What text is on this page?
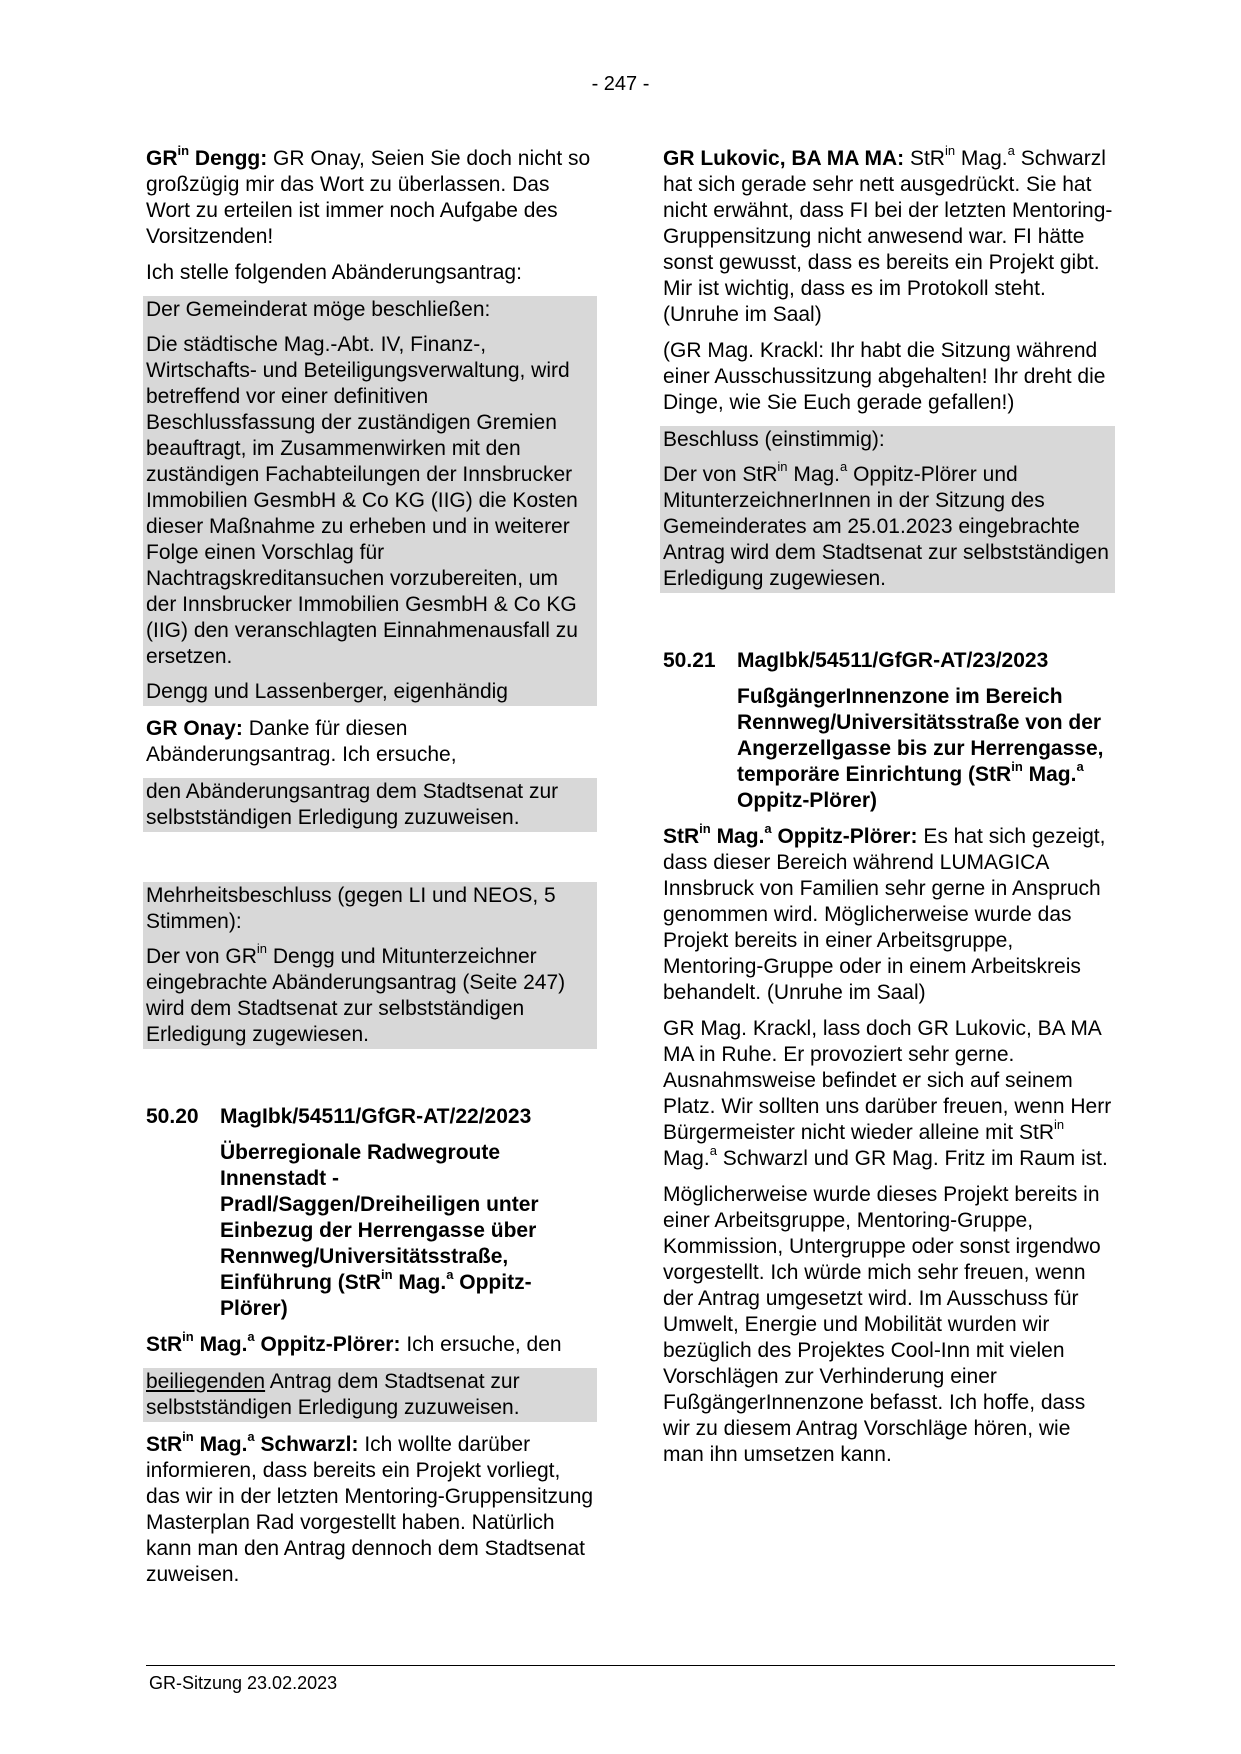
- 247 -

$GR^{in}$ Dengg: GR Onay, Seien Sie doch nicht so großzügig mir das Wort zu überlassen. Das Wort zu erteilen ist immer noch Aufgabe des Vorsitzenden!

Ich stelle folgenden Abänderungsantrag:

Der Gemeinderat möge beschließen:

Die städtische Mag.-Abt. IV, Finanz-, Wirtschafts- und Beteiligungsverwaltung, wird betreffend vor einer definitiven Beschlussfassung der zuständigen Gremien beauftragt, im Zusammenwirken mit den zuständigen Fachabteilungen der Innsbrucker Immobilien GesmbH & Co KG (IIG) die Kosten dieser Maßnahme zu erheben und in weiterer Folge einen Vorschlag für Nachtragskreditansuchen vorzubereiten, um der Innsbrucker Immobilien GesmbH & Co KG (IIG) den veranschlagten Einnahmenausfall zu ersetzen.

Dengg und Lassenberger, eigenhändig

GR Onay: Danke für diesen Abänderungsantrag. Ich ersuche,

den Abänderungsantrag dem Stadtsenat zur selbstständigen Erledigung zuzuweisen.

Mehrheitsbeschluss (gegen LI und NEOS, 5 Stimmen):

Der von $GR^{in}$ Dengg und Mitunterzeichner eingebrachte Abänderungsantrag (Seite 247) wird dem Stadtsenat zur selbstständigen Erledigung zugewiesen.

50.20	MagIbk/54511/GfGR-AT/22/2023

Überregionale Radwegroute Innenstadt - Pradl/Saggen/Dreiheiligen unter Einbezug der Herrengasse über Rennweg/Universitätsstraße, Einführung (StR$^{in}$ Mag.$^a$ Oppitz-Plörer)

StR$^{in}$ Mag.$^a$ Oppitz-Plörer: Ich ersuche, den

beiliegenden Antrag dem Stadtsenat zur selbstständigen Erledigung zuzuweisen.

StR$^{in}$ Mag.$^a$ Schwarzl: Ich wollte darüber informieren, dass bereits ein Projekt vorliegt, das wir in der letzten Mentoring-Gruppensitzung Masterplan Rad vorgestellt haben. Natürlich kann man den Antrag dennoch dem Stadtsenat zuweisen.

GR Lukovic, BA MA MA: StR$^{in}$ Mag.$^a$ Schwarzl hat sich gerade sehr nett ausgedrückt. Sie hat nicht erwähnt, dass FI bei der letzten Mentoring-Gruppensitzung nicht anwesend war. FI hätte sonst gewusst, dass es bereits ein Projekt gibt. Mir ist wichtig, dass es im Protokoll steht. (Unruhe im Saal)

(GR Mag. Krackl: Ihr habt die Sitzung während einer Ausschussitzung abgehalten! Ihr dreht die Dinge, wie Sie Euch gerade gefallen!)

Beschluss (einstimmig):

Der von StR$^{in}$ Mag.$^a$ Oppitz-Plörer und MitunterzeichnerInnen in der Sitzung des Gemeinderates am 25.01.2023 eingebrachte Antrag wird dem Stadtsenat zur selbstständigen Erledigung zugewiesen.

50.21	MagIbk/54511/GfGR-AT/23/2023

FußgängerInnenzone im Bereich Rennweg/Universitätsstraße von der Angerzellgasse bis zur Herrengasse, temporäre Einrichtung (StR$^{in}$ Mag.$^a$ Oppitz-Plörer)

StR$^{in}$ Mag.$^a$ Oppitz-Plörer: Es hat sich gezeigt, dass dieser Bereich während LUMAGICA Innsbruck von Familien sehr gerne in Anspruch genommen wird. Möglicherweise wurde das Projekt bereits in einer Arbeitsgruppe, Mentoring-Gruppe oder in einem Arbeitskreis behandelt. (Unruhe im Saal)

GR Mag. Krackl, lass doch GR Lukovic, BA MA MA in Ruhe. Er provoziert sehr gerne. Ausnahmsweise befindet er sich auf seinem Platz. Wir sollten uns darüber freuen, wenn Herr Bürgermeister nicht wieder alleine mit StR$^{in}$ Mag.$^a$ Schwarzl und GR Mag. Fritz im Raum ist.

Möglicherweise wurde dieses Projekt bereits in einer Arbeitsgruppe, Mentoring-Gruppe, Kommission, Untergruppe oder sonst irgendwo vorgestellt. Ich würde mich sehr freuen, wenn der Antrag umgesetzt wird. Im Ausschuss für Umwelt, Energie und Mobilität wurden wir bezüglich des Projektes Cool-Inn mit vielen Vorschlägen zur Verhinderung einer FußgängerInnenzone befasst. Ich hoffe, dass wir zu diesem Antrag Vorschläge hören, wie man ihn umsetzen kann.

GR-Sitzung 23.02.2023
